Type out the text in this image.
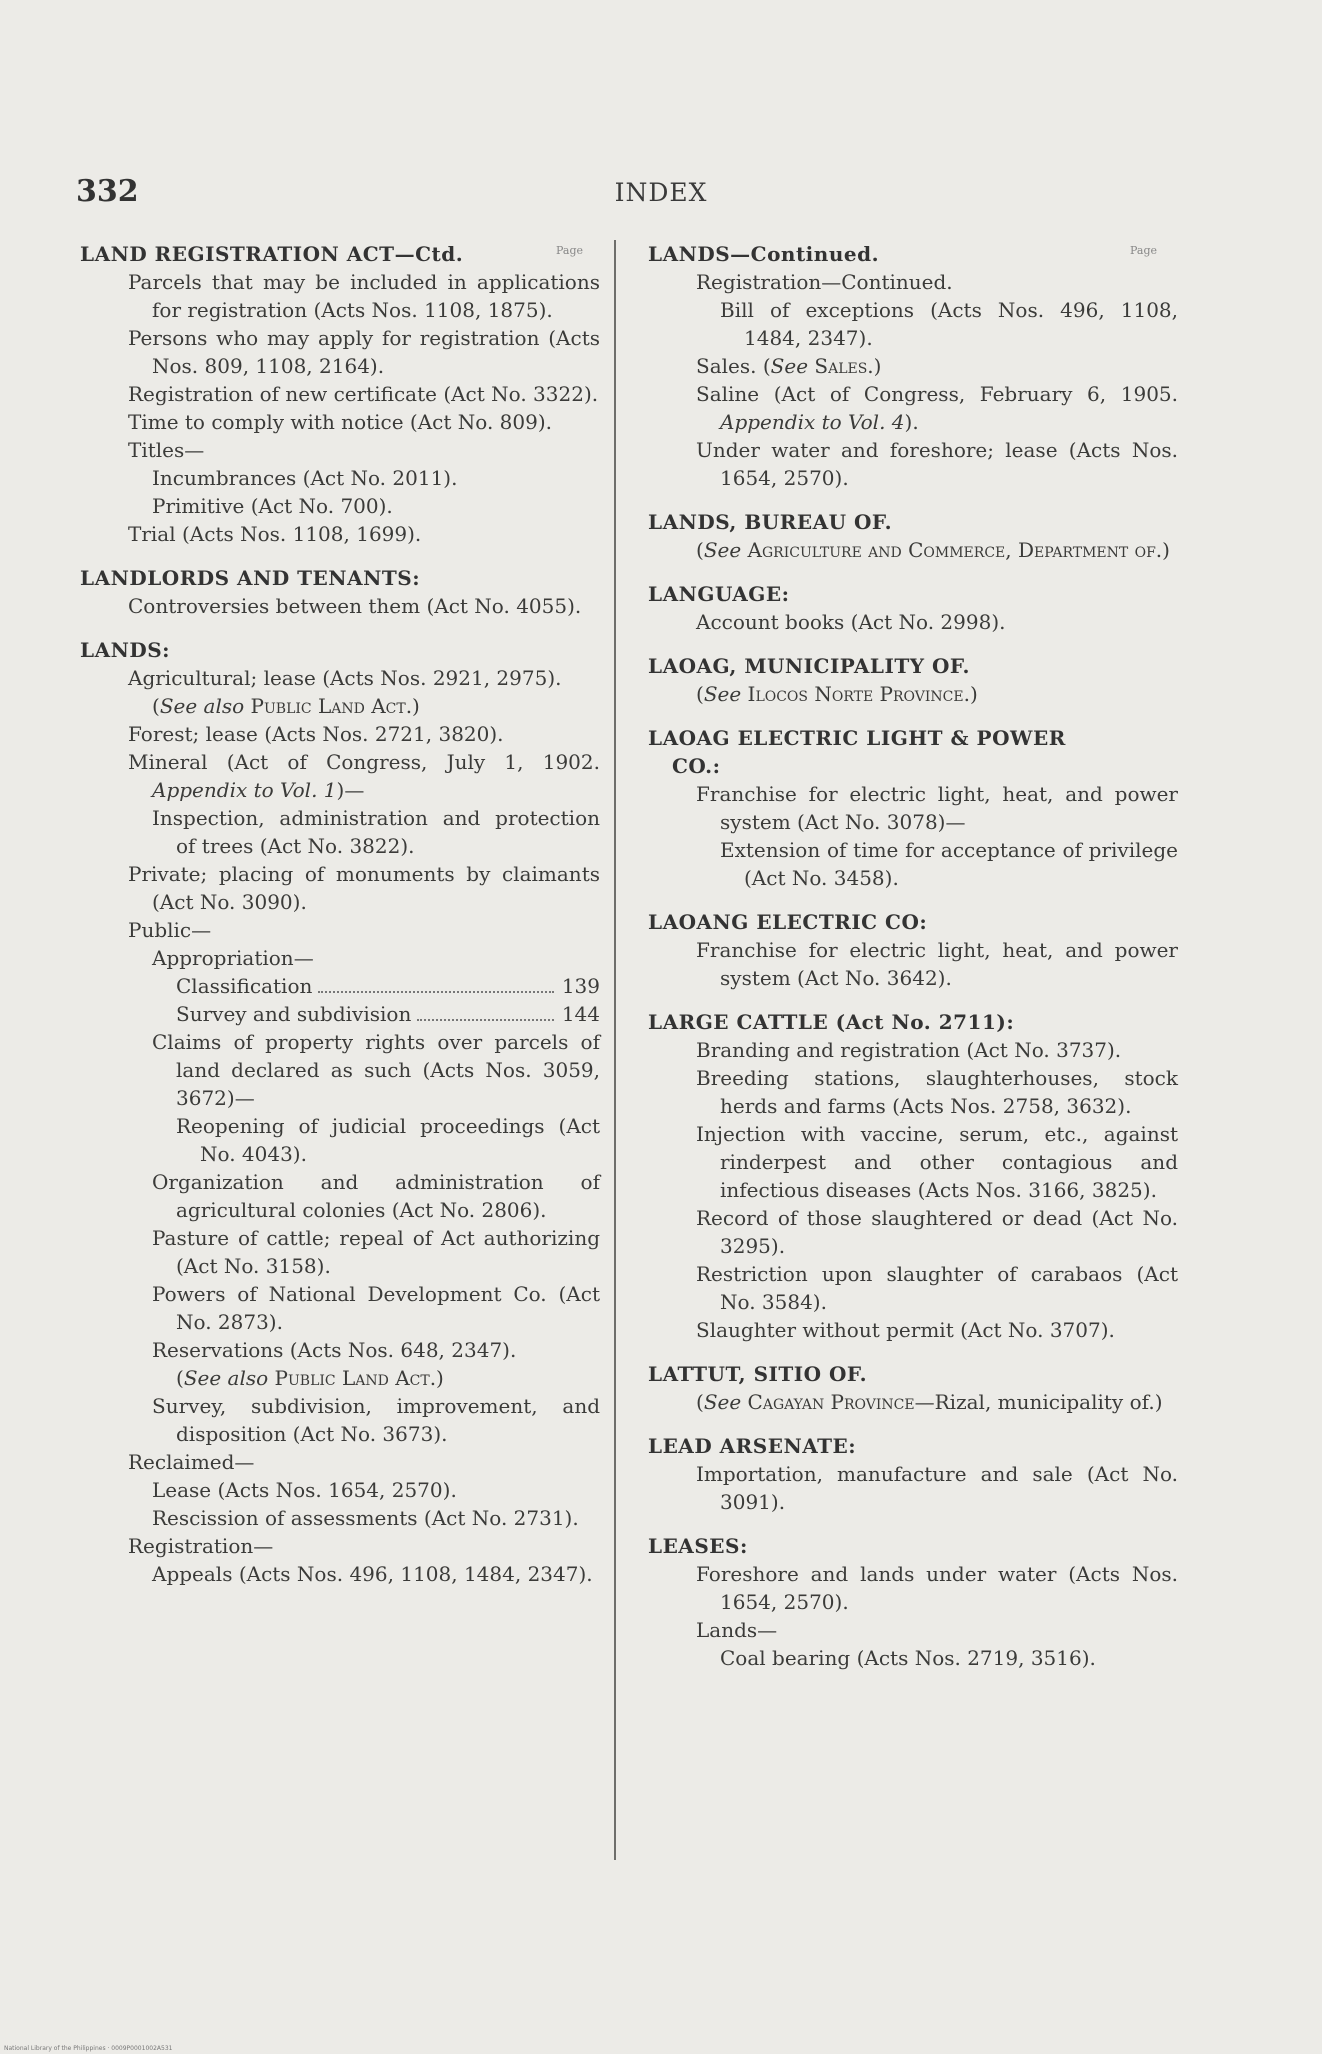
332	INDEX
Page	Page
LAND REGISTRATION ACT—Ctd.
Parcels that may be included in applications for registration (Acts Nos. 1108, 1875).
Persons who may apply for registration (Acts Nos. 809, 1108, 2164).
Registration of new certificate (Act No. 3322).
Time to comply with notice (Act No. 809).
Titles—
Incumbrances (Act No. 2011).
Primitive (Act No. 700).
Trial (Acts Nos. 1108, 1699).
LANDLORDS AND TENANTS:
Controversies between them (Act No. 4055).
LANDS:
Agricultural; lease (Acts Nos. 2921, 2975).
(See also Public Land Act.)
Forest; lease (Acts Nos. 2721, 3820).
Mineral (Act of Congress, July 1, 1902. Appendix to Vol. 1)—
Inspection, administration and protection of trees (Act No. 3822).
Private; placing of monuments by claimants (Act No. 3090).
Public—
Appropriation—
Classification	139
Survey and subdivision	144
Claims of property rights over parcels of land declared as such (Acts Nos. 3059, 3672)—
Reopening of judicial proceedings (Act No. 4043).
Organization and administration of agricultural colonies (Act No. 2806).
Pasture of cattle; repeal of Act authorizing (Act No. 3158).
Powers of National Development Co. (Act No. 2873).
Reservations (Acts Nos. 648, 2347).
(See also Public Land Act.)
Survey, subdivision, improvement, and disposition (Act No. 3673).
Reclaimed—
Lease (Acts Nos. 1654, 2570).
Rescission of assessments (Act No. 2731).
Registration—
Appeals (Acts Nos. 496, 1108, 1484, 2347).
LANDS—Continued.
Registration—Continued.
Bill of exceptions (Acts Nos. 496, 1108, 1484, 2347).
Sales. (See Sales.)
Saline (Act of Congress, February 6, 1905. Appendix to Vol. 4).
Under water and foreshore; lease (Acts Nos. 1654, 2570).
LANDS, BUREAU OF.
(See Agriculture and Commerce, Department of.)
LANGUAGE:
Account books (Act No. 2998).
LAOAG, MUNICIPALITY OF.
(See Ilocos Norte Province.)
LAOAG ELECTRIC LIGHT & POWER
CO.:
Franchise for electric light, heat, and power system (Act No. 3078)—
Extension of time for acceptance of privilege (Act No. 3458).
LAOANG ELECTRIC CO:
Franchise for electric light, heat, and power system (Act No. 3642).
LARGE CATTLE (Act No. 2711):
Branding and registration (Act No. 3737).
Breeding stations, slaughterhouses, stock herds and farms (Acts Nos. 2758, 3632).
Injection with vaccine, serum, etc., against rinderpest and other contagious and infectious diseases (Acts Nos. 3166, 3825).
Record of those slaughtered or dead (Act No. 3295).
Restriction upon slaughter of carabaos (Act No. 3584).
Slaughter without permit (Act No. 3707).
LATTUT, SITIO OF.
(See Cagayan Province—Rizal, municipality of.)
LEAD ARSENATE:
Importation, manufacture and sale (Act No. 3091).
LEASES:
Foreshore and lands under water (Acts Nos. 1654, 2570).
Lands—
Coal bearing (Acts Nos. 2719, 3516).
National Library of the Philippines · 0009P0001002A531
